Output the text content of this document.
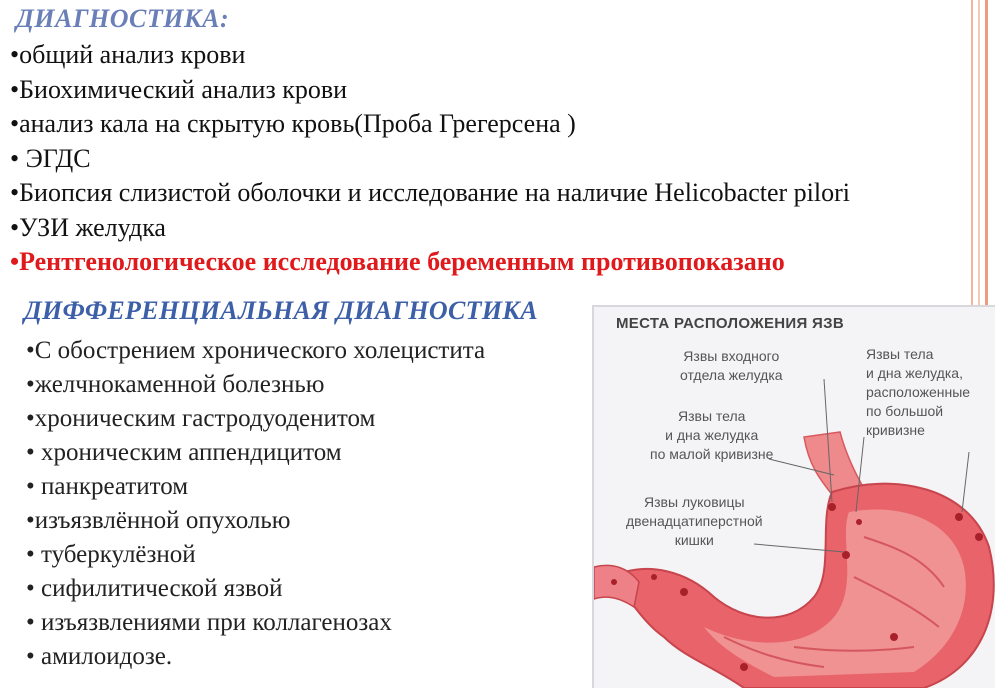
ДИАГНОСТИКА:
•общий анализ крови
•Биохимический анализ крови
•анализ кала на скрытую кровь(Проба Грегерсена )
• ЭГДС
•Биопсия слизистой оболочки и исследование на наличие Helicobacter pilori
•УЗИ желудка
•Рентгенологическое исследование беременным противопоказано
ДИФФЕРЕНЦИАЛЬНАЯ ДИАГНОСТИКА
•С обострением хронического холецистита
•желчнокаменной болезнью
•хроническим гастродуоденитом
• хроническим аппендицитом
• панкреатитом
•изъязвлённой опухолью
• туберкулёзной
• сифилитической язвой
• изъязвлениями при коллагенозах
• амилоидозе.
МЕСТА РАСПОЛОЖЕНИЯ ЯЗВ
Язвы входного
отдела желудка
Язвы тела
и дна желудка,
расположенные
по большой
кривизне
Язвы тела
и дна желудка
по малой кривизне
Язвы луковицы
двенадцатиперстной
кишки
